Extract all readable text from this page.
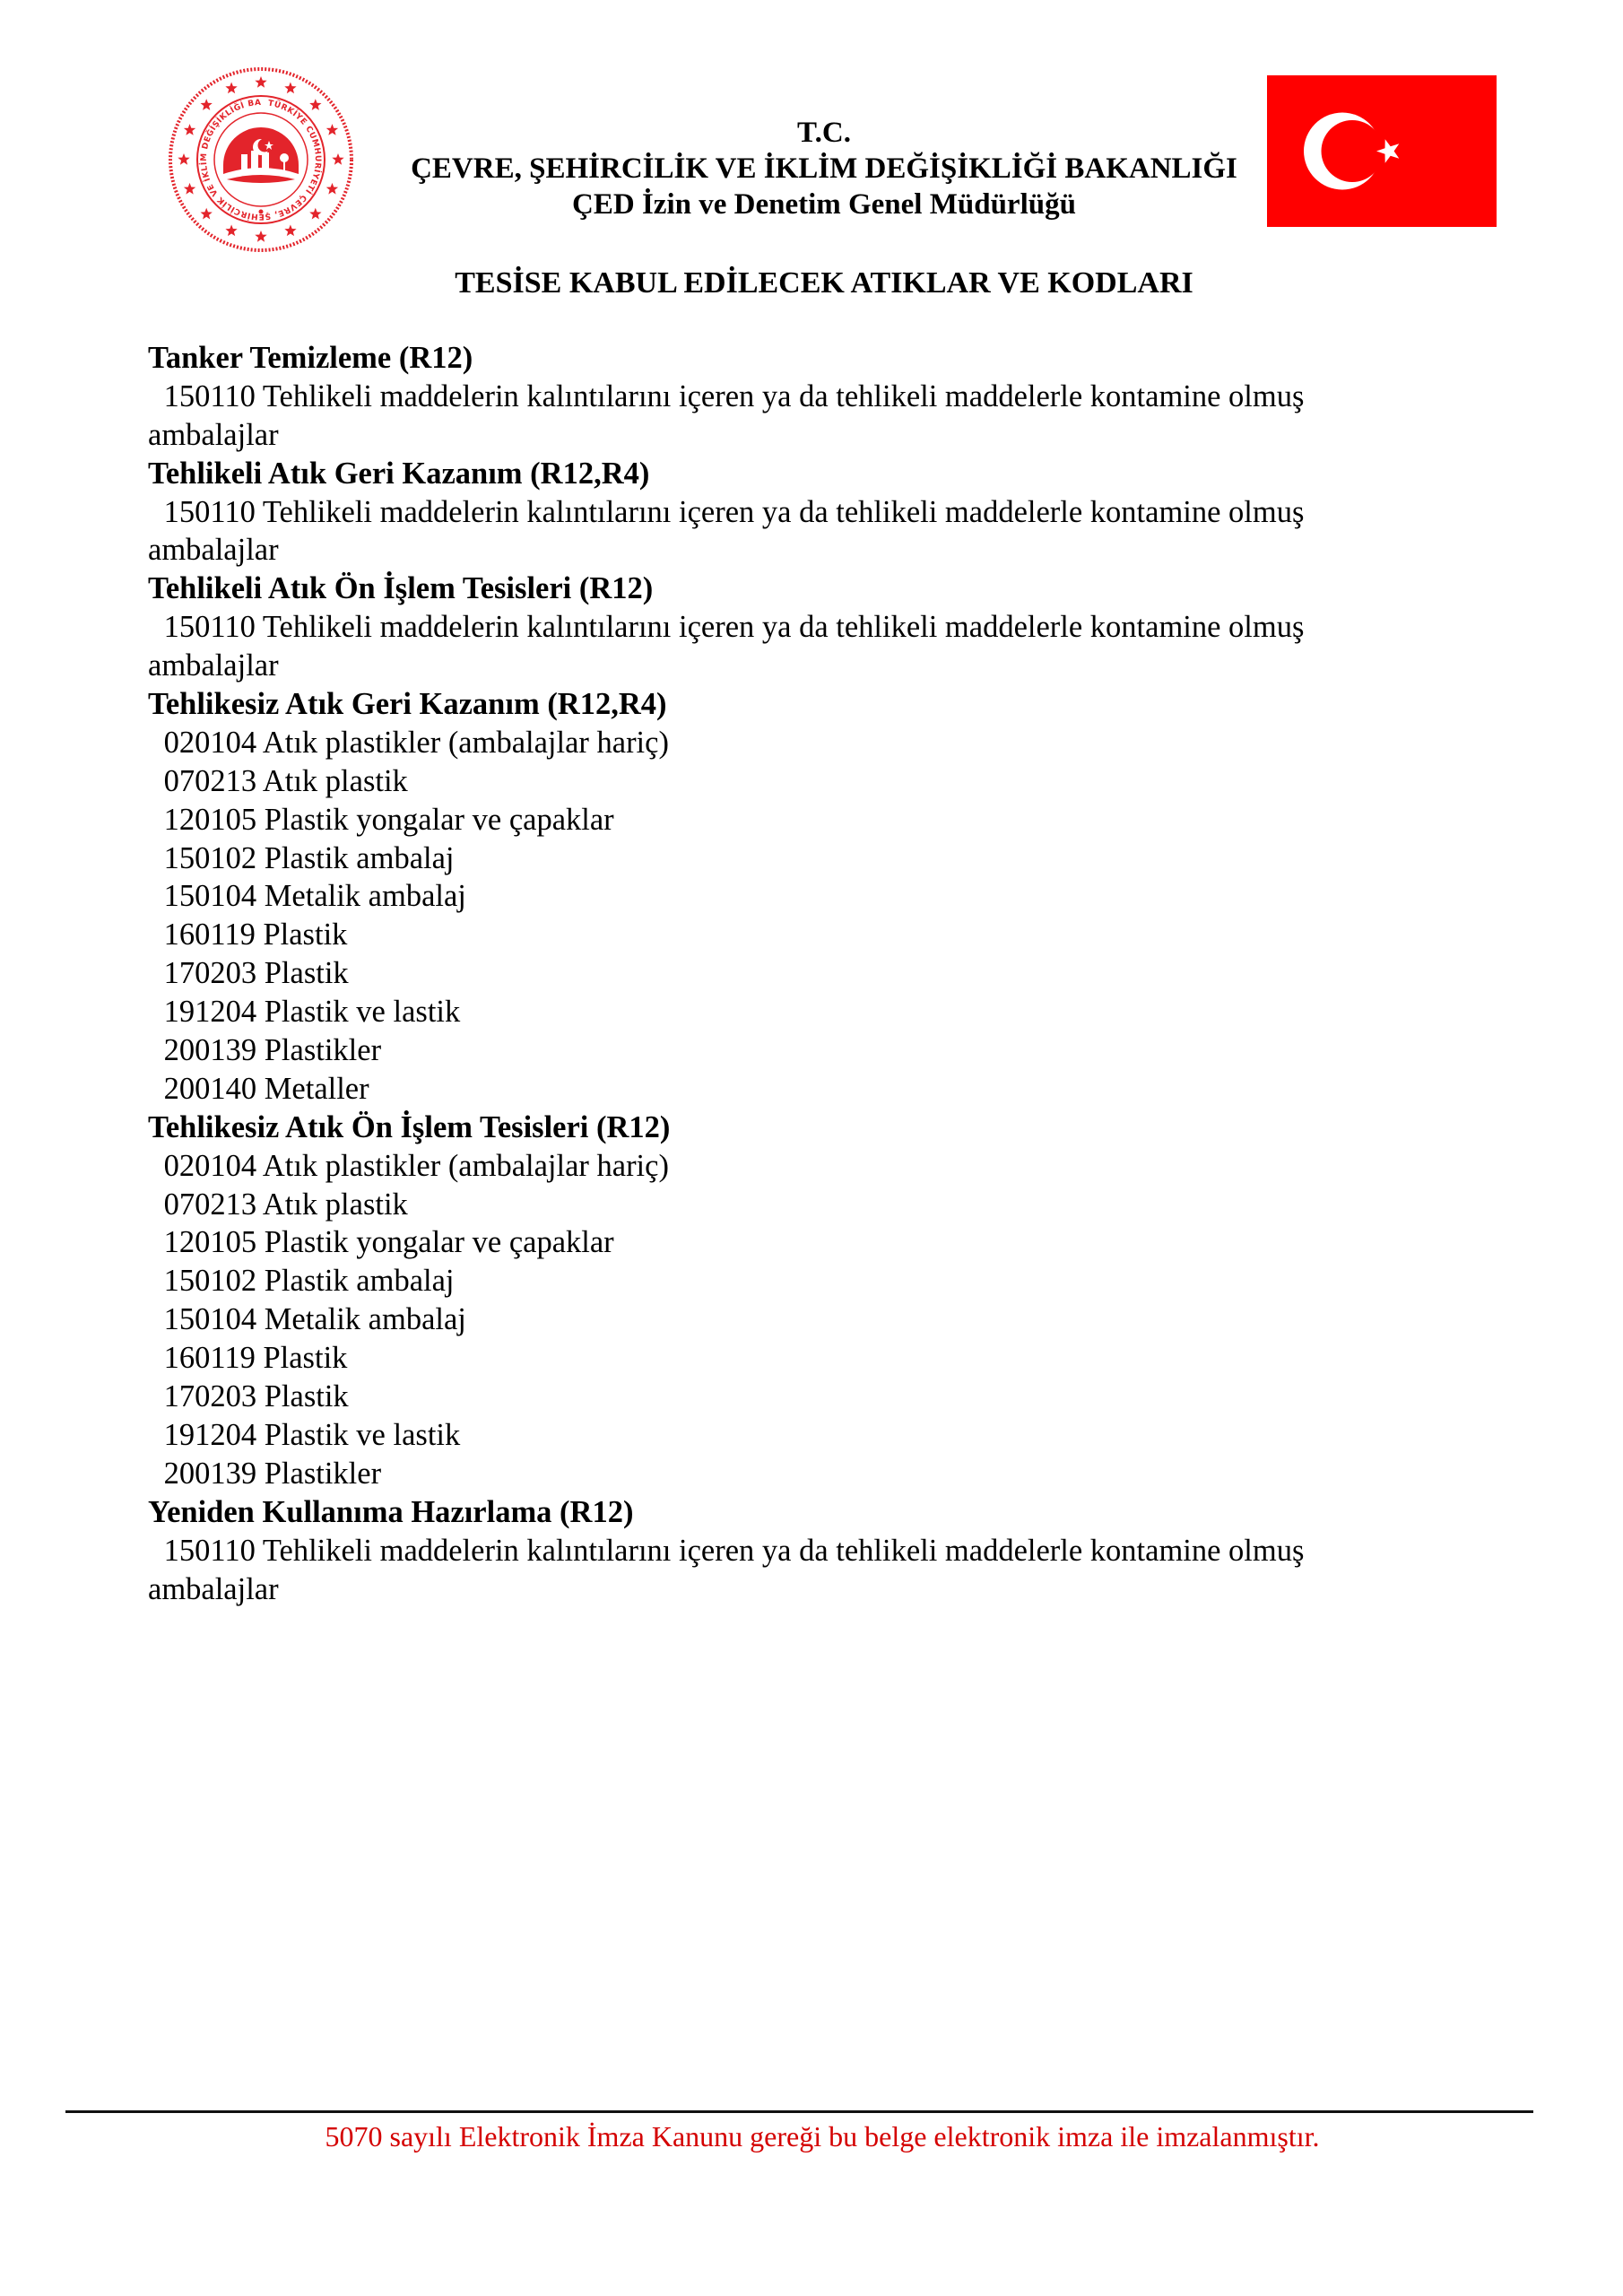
TÜRKİYE CUMHURİYETİ ÇEVRE, ŞEHİRCİLİK VE İKLİM DEĞİŞİKLİĞİ BA
T.C.
ÇEVRE, ŞEHİRCİLİK VE İKLİM DEĞİŞİKLİĞİ BAKANLIĞI
ÇED İzin ve Denetim Genel Müdürlüğü
TESİSE KABUL EDİLECEK ATIKLAR VE KODLARI
Tanker Temizleme (R12)
150110 Tehlikeli maddelerin kalıntılarını içeren ya da tehlikeli maddelerle kontamine olmuş
ambalajlar
Tehlikeli Atık Geri Kazanım (R12,R4)
150110 Tehlikeli maddelerin kalıntılarını içeren ya da tehlikeli maddelerle kontamine olmuş
ambalajlar
Tehlikeli Atık Ön İşlem Tesisleri (R12)
150110 Tehlikeli maddelerin kalıntılarını içeren ya da tehlikeli maddelerle kontamine olmuş
ambalajlar
Tehlikesiz Atık Geri Kazanım (R12,R4)
020104 Atık plastikler (ambalajlar hariç)
070213 Atık plastik
120105 Plastik yongalar ve çapaklar
150102 Plastik ambalaj
150104 Metalik ambalaj
160119 Plastik
170203 Plastik
191204 Plastik ve lastik
200139 Plastikler
200140 Metaller
Tehlikesiz Atık Ön İşlem Tesisleri (R12)
020104 Atık plastikler (ambalajlar hariç)
070213 Atık plastik
120105 Plastik yongalar ve çapaklar
150102 Plastik ambalaj
150104 Metalik ambalaj
160119 Plastik
170203 Plastik
191204 Plastik ve lastik
200139 Plastikler
Yeniden Kullanıma Hazırlama (R12)
150110 Tehlikeli maddelerin kalıntılarını içeren ya da tehlikeli maddelerle kontamine olmuş
ambalajlar
5070 sayılı Elektronik İmza Kanunu gereği bu belge elektronik imza ile imzalanmıştır.
